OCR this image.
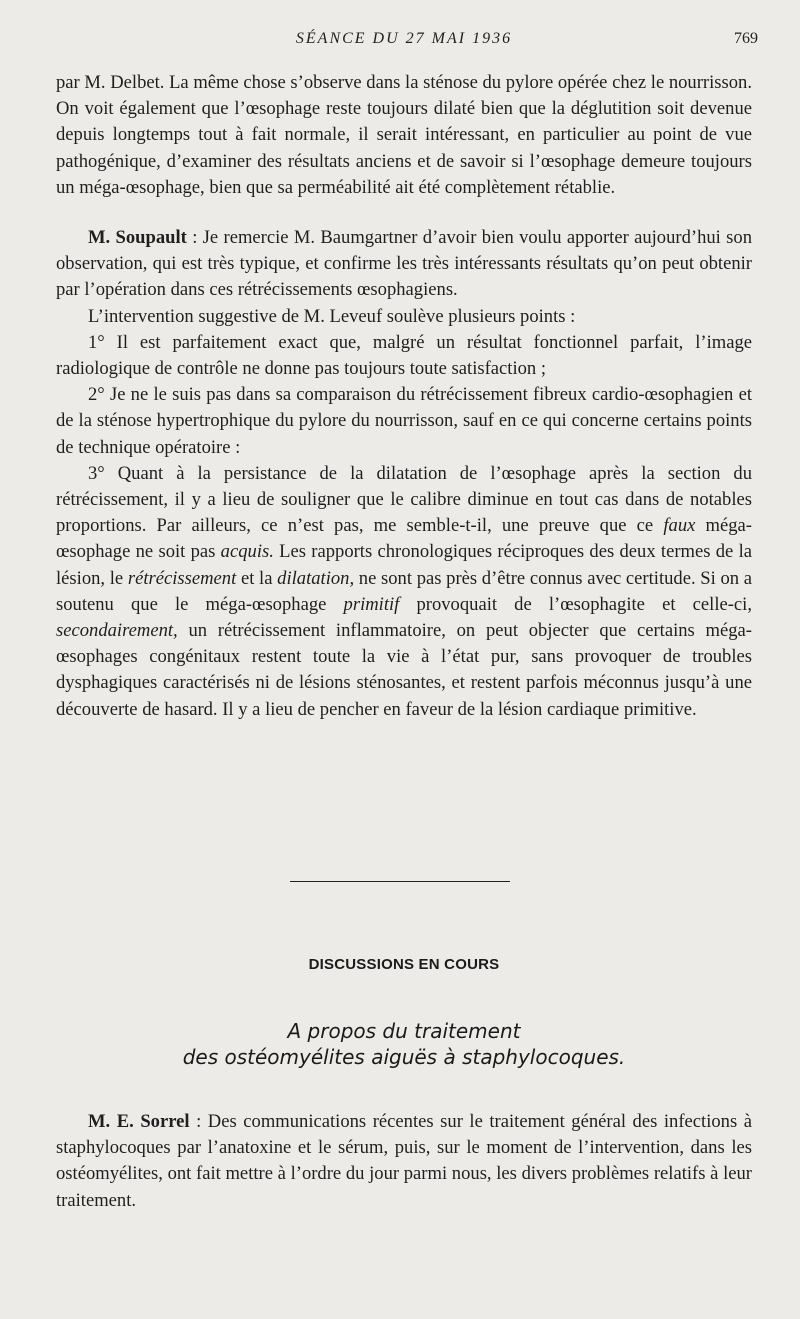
SÉANCE DU 27 MAI 1936	769

par M. Delbet. La même chose s’observe dans la sténose du pylore opérée chez le nourrisson. On voit également que l’œsophage reste toujours dilaté bien que la déglutition soit devenue depuis longtemps tout à fait normale, il serait intéressant, en particulier au point de vue pathogénique, d’examiner des résultats anciens et de savoir si l’œsophage demeure toujours un méga-œsophage, bien que sa perméabilité ait été complètement rétablie.

M. Soupault : Je remercie M. Baumgartner d’avoir bien voulu apporter aujourd’hui son observation, qui est très typique, et confirme les très intéressants résultats qu’on peut obtenir par l’opération dans ces rétrécissements œsophagiens.

L’intervention suggestive de M. Leveuf soulève plusieurs points :

1° Il est parfaitement exact que, malgré un résultat fonctionnel parfait, l’image radiologique de contrôle ne donne pas toujours toute satisfaction ;

2° Je ne le suis pas dans sa comparaison du rétrécissement fibreux cardio-œsophagien et de la sténose hypertrophique du pylore du nourrisson, sauf en ce qui concerne certains points de technique opératoire :

3° Quant à la persistance de la dilatation de l’œsophage après la section du rétrécissement, il y a lieu de souligner que le calibre diminue en tout cas dans de notables proportions. Par ailleurs, ce n’est pas, me semble-t-il, une preuve que ce faux méga-œsophage ne soit pas acquis. Les rapports chronologiques réciproques des deux termes de la lésion, le rétrécissement et la dilatation, ne sont pas près d’être connus avec certitude. Si on a soutenu que le méga-œsophage primitif provoquait de l’œsophagite et celle-ci, secondairement, un rétrécissement inflammatoire, on peut objecter que certains méga-œsophages congénitaux restent toute la vie à l’état pur, sans provoquer de troubles dysphagiques caractérisés ni de lésions sténosantes, et restent parfois méconnus jusqu’à une découverte de hasard. Il y a lieu de pencher en faveur de la lésion cardiaque primitive.

DISCUSSIONS EN COURS
A propos du traitement
des ostéomyélites aiguës à staphylocoques.

M. E. Sorrel : Des communications récentes sur le traitement général des infections à staphylocoques par l’anatoxine et le sérum, puis, sur le moment de l’intervention, dans les ostéomyélites, ont fait mettre à l’ordre du jour parmi nous, les divers problèmes relatifs à leur traitement.
